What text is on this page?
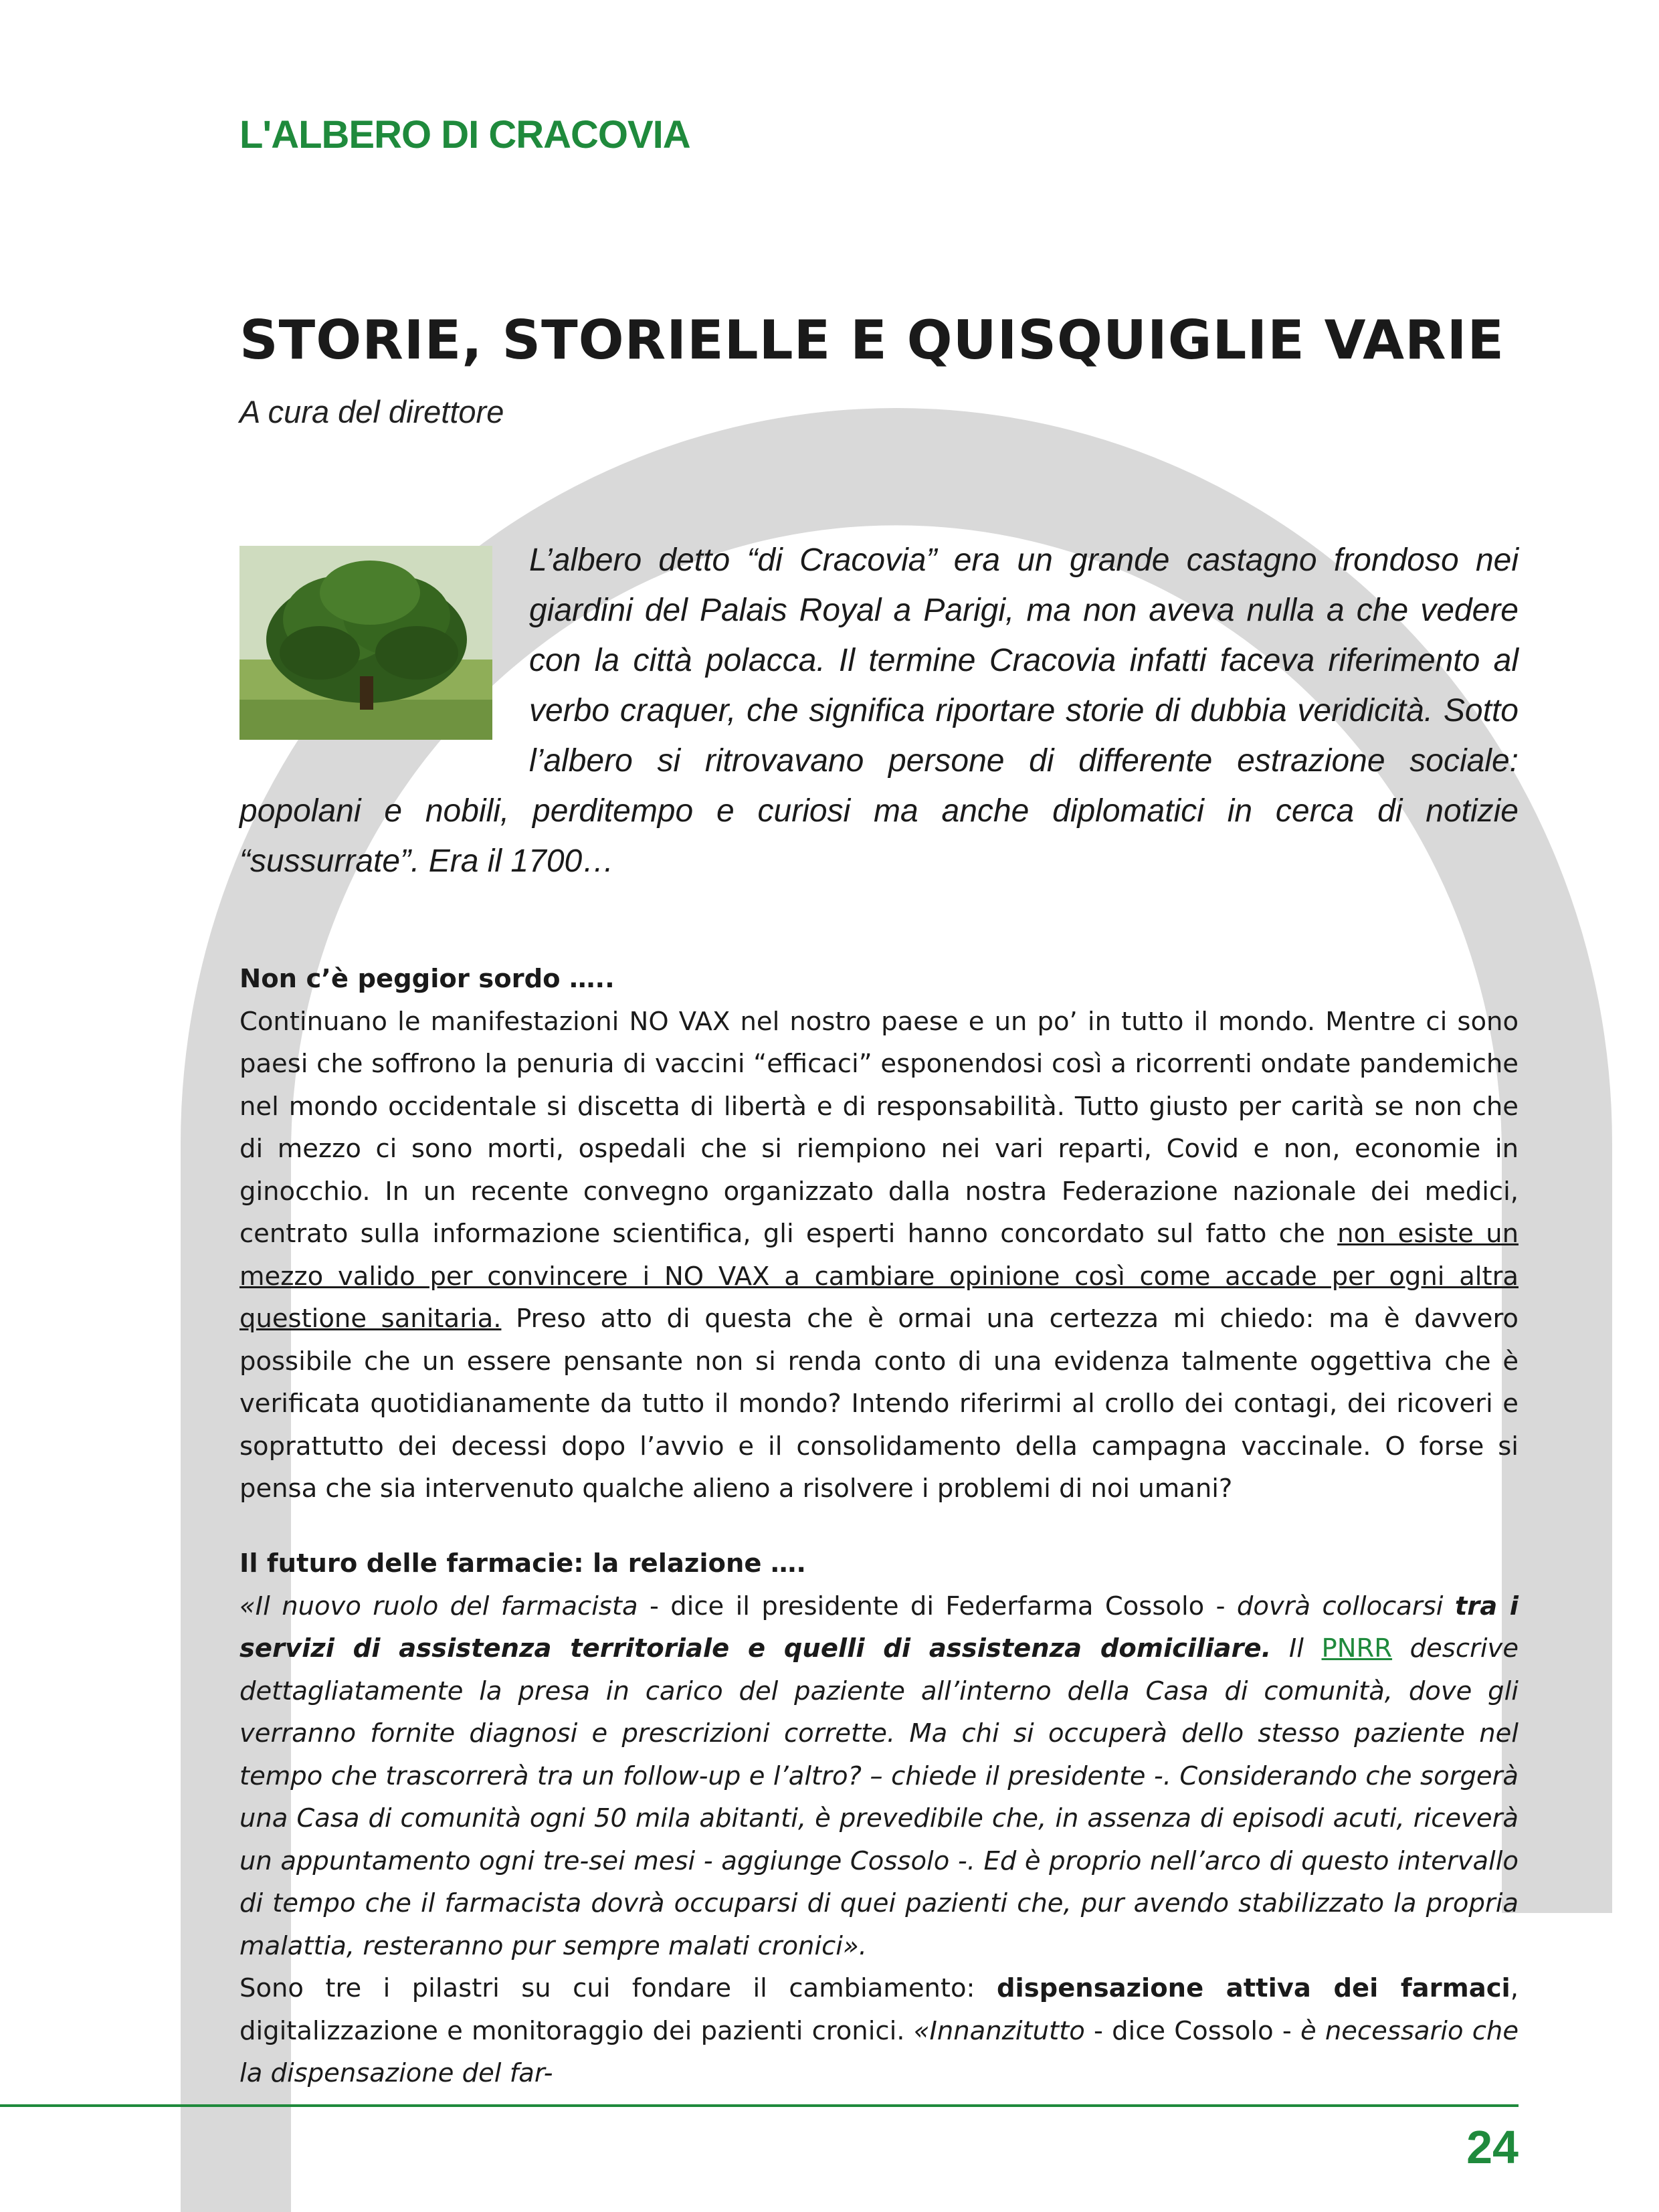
L'ALBERO DI CRACOVIA
STORIE, STORIELLE E QUISQUIGLIE VARIE

A cura del direttore

L’albero detto “di Cracovia” era un grande castagno frondoso nei giardini del Palais Royal a Parigi, ma non aveva nulla a che vedere con la città polacca. Il termine Cracovia infatti faceva riferimento al verbo craquer, che significa riportare storie di dubbia veridicità. Sotto l’albero si ritrovavano persone di differente estrazione sociale: popolani e nobili, perditempo e curiosi ma anche diplomatici in cerca di notizie “sussurrate”. Era il 1700…

Non c’è peggior sordo …..

Continuano le manifestazioni NO VAX nel nostro paese e un po’ in tutto il mondo. Mentre ci sono paesi che soffrono la penuria di vaccini “efficaci” esponendosi così a ricorrenti ondate pandemiche nel mondo occidentale si discetta di libertà e di responsabilità. Tutto giusto per carità se non che di mezzo ci sono morti, ospedali che si riempiono nei vari reparti, Covid e non, economie in ginocchio. In un recente convegno organizzato dalla nostra Federazione nazionale dei medici, centrato sulla informazione scientifica, gli esperti hanno concordato sul fatto che non esiste un mezzo valido per convincere i NO VAX a cambiare opinione così come accade per ogni altra questione sanitaria. Preso atto di questa che è ormai una certezza mi chiedo: ma è davvero possibile che un essere pensante non si renda conto di una evidenza talmente oggettiva che è verificata quotidianamente da tutto il mondo? Intendo riferirmi al crollo dei contagi, dei ricoveri e soprattutto dei decessi dopo l’avvio e il consolidamento della campagna vaccinale. O forse si pensa che sia intervenuto qualche alieno a risolvere i problemi di noi umani?

Il futuro delle farmacie: la relazione ….

«Il nuovo ruolo del farmacista - dice il presidente di Federfarma Cossolo - dovrà collocarsi tra i servizi di assistenza territoriale e quelli di assistenza domiciliare. Il PNRR descrive dettagliatamente la presa in carico del paziente all’interno della Casa di comunità, dove gli verranno fornite diagnosi e prescrizioni corrette. Ma chi si occuperà dello stesso paziente nel tempo che trascorrerà tra un follow-up e l’altro? – chiede il presidente -. Considerando che sorgerà una Casa di comunità ogni 50 mila abitanti, è prevedibile che, in assenza di episodi acuti, riceverà un appuntamento ogni tre-sei mesi - aggiunge Cossolo -. Ed è proprio nell’arco di questo intervallo di tempo che il farmacista dovrà occuparsi di quei pazienti che, pur avendo stabilizzato la propria malattia, resteranno pur sempre malati cronici».

Sono tre i pilastri su cui fondare il cambiamento: dispensazione attiva dei farmaci, digitalizzazione e monitoraggio dei pazienti cronici. «Innanzitutto - dice Cossolo - è necessario che la dispensazione del far-

24
